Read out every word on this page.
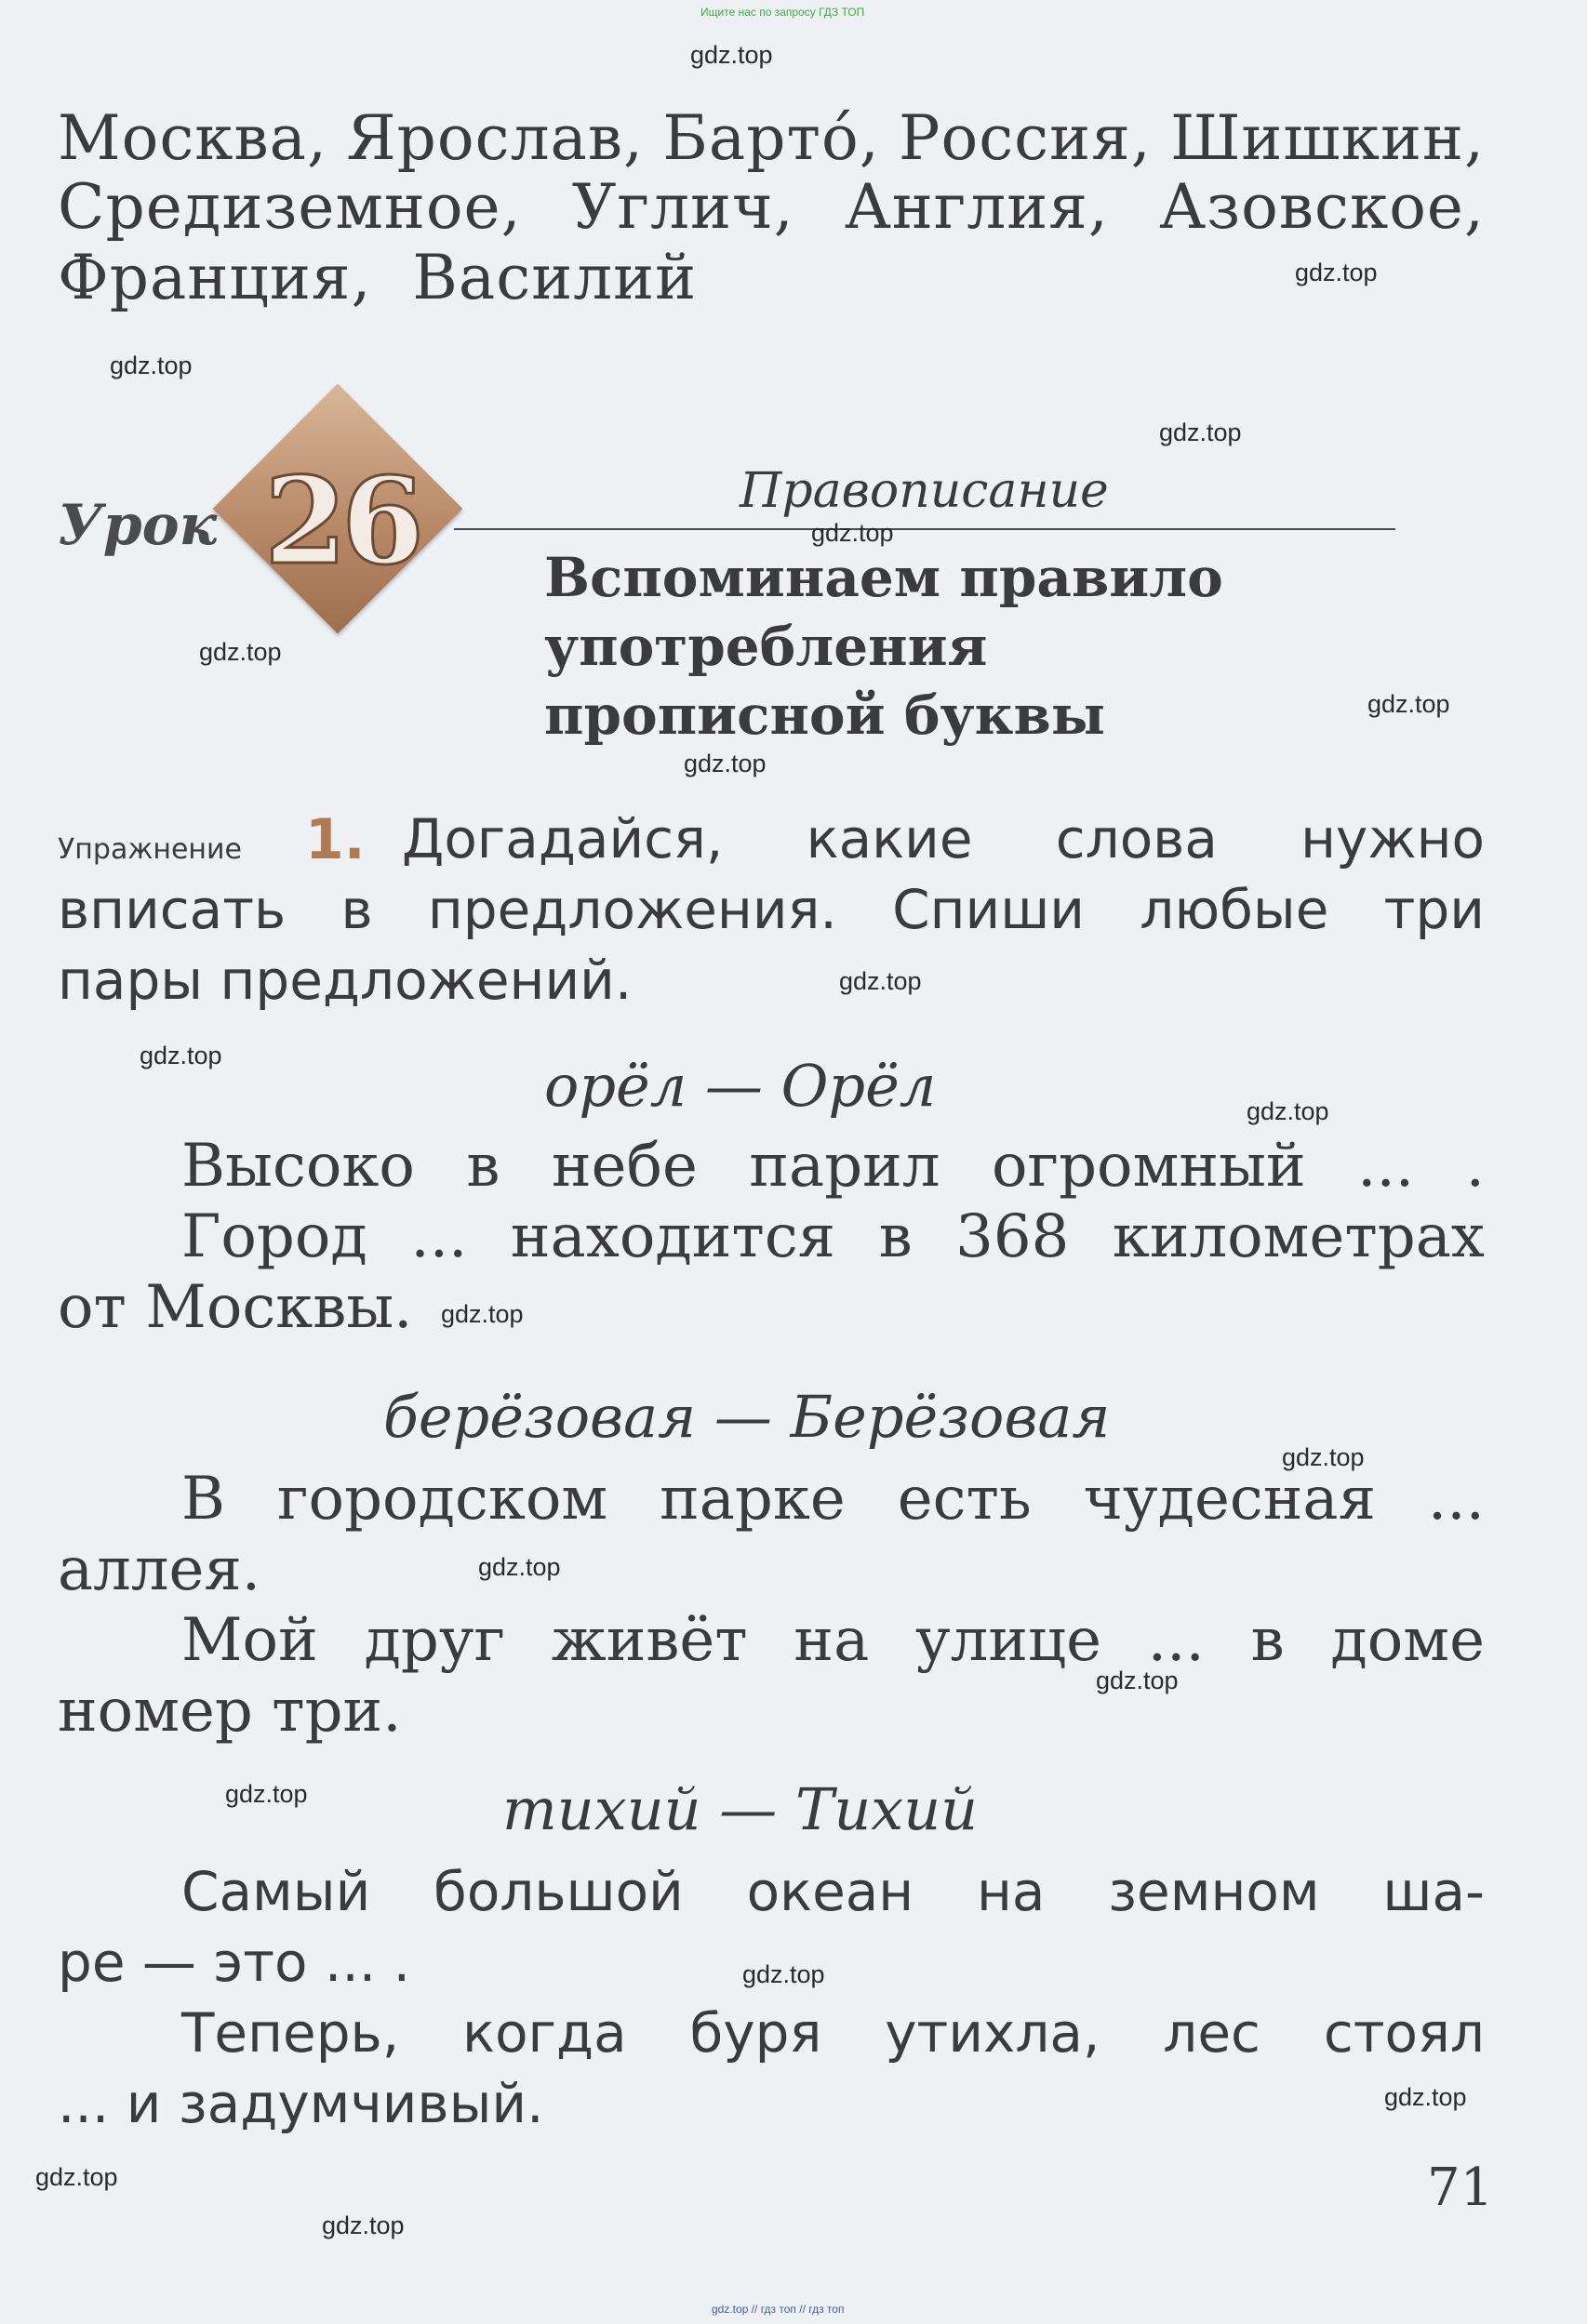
Ищите нас по запросу ГДЗ ТОП
Москва, Ярослав, Барто́, Россия, Шишкин,
Средиземное, Углич, Англия, Азовское,
Франция, Василий
Урок 26	Правописание
Вспоминаем правило
употребления
прописной буквы
Упражнение 1. Догадайся, какие слова нужно
вписать в предложения. Спиши любые три
пары предложений.
орёл — Орёл
Высоко в небе парил огромный ... .
Город ... находится в 368 километрах
от Москвы.
берёзовая — Берёзовая
В городском парке есть чудесная ...
аллея.
Мой друг живёт на улице ... в доме
номер три.
тихий — Тихий
Самый большой океан на земном ша-
ре — это ... .
Теперь, когда буря утихла, лес стоял
... и задумчивый.
71
gdz.top
gdz.top
gdz.top
gdz.top
gdz.top
gdz.top
gdz.top
gdz.top
gdz.top
gdz.top
gdz.top
gdz.top
gdz.top
gdz.top
gdz.top
gdz.top
gdz.top
gdz.top
gdz.top
gdz.top
gdz.top // гдз топ // гдз топ
